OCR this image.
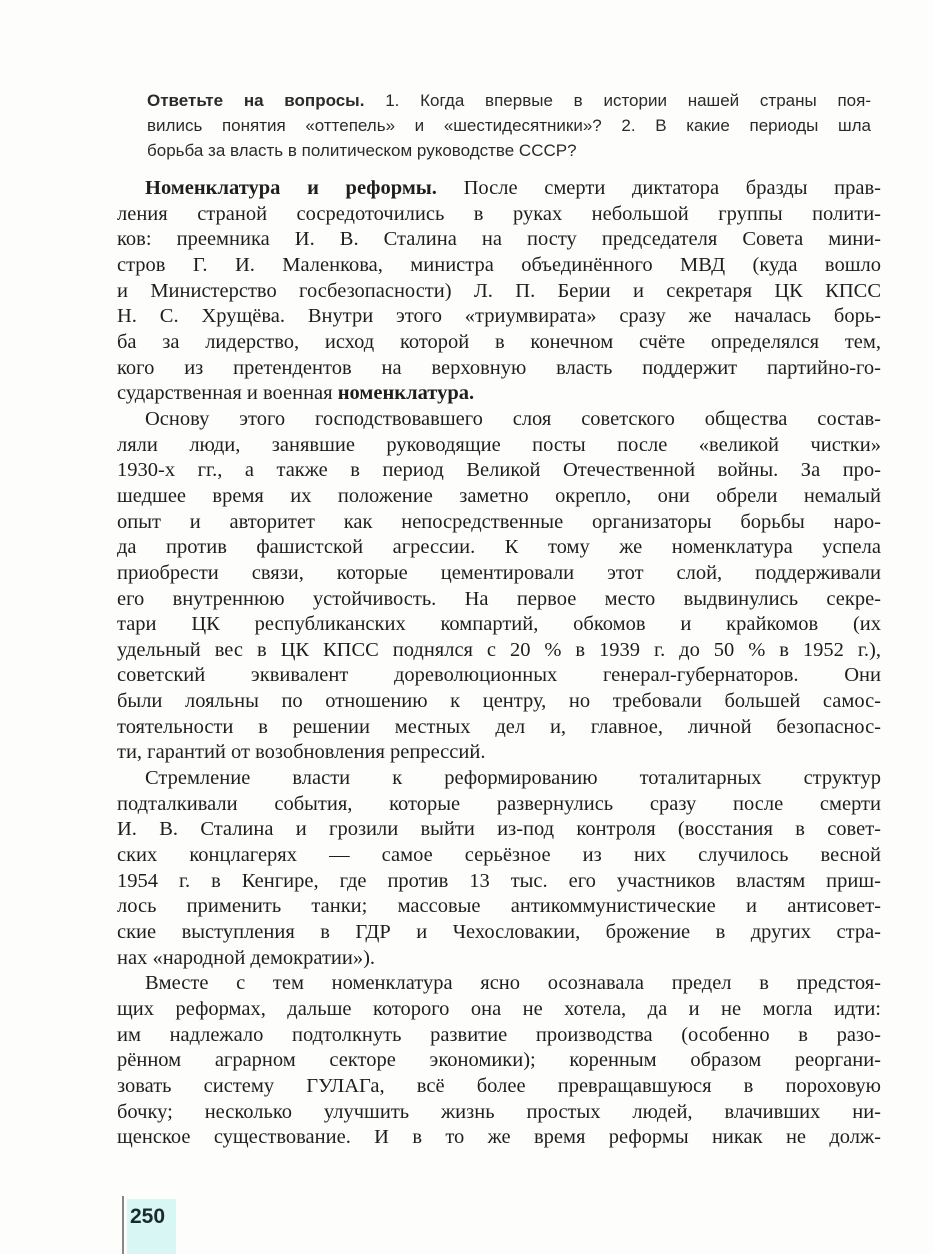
Ответьте на вопросы. 1. Когда впервые в истории нашей страны поя-
вились понятия «оттепель» и «шестидесятники»? 2. В какие периоды шла
борьба за власть в политическом руководстве СССР?
Номенклатура и реформы. После смерти диктатора бразды прав-
ления страной сосредоточились в руках небольшой группы полити-
ков: преемника И. В. Сталина на посту председателя Совета мини-
стров Г. И. Маленкова, министра объединённого МВД (куда вошло
и Министерство госбезопасности) Л. П. Берии и секретаря ЦК КПСС
Н. С. Хрущёва. Внутри этого «триумвирата» сразу же началась борь-
ба за лидерство, исход которой в конечном счёте определялся тем,
кого из претендентов на верховную власть поддержит партийно-го-
сударственная и военная номенклатура.
Основу этого господствовавшего слоя советского общества состав-
ляли люди, занявшие руководящие посты после «великой чистки»
1930-х гг., а также в период Великой Отечественной войны. За про-
шедшее время их положение заметно окрепло, они обрели немалый
опыт и авторитет как непосредственные организаторы борьбы наро-
да против фашистской агрессии. К тому же номенклатура успела
приобрести связи, которые цементировали этот слой, поддерживали
его внутреннюю устойчивость. На первое место выдвинулись секре-
тари ЦК республиканских компартий, обкомов и крайкомов (их
удельный вес в ЦК КПСС поднялся с 20 % в 1939 г. до 50 % в 1952 г.),
советский эквивалент дореволюционных генерал-губернаторов. Они
были лояльны по отношению к центру, но требовали большей самос-
тоятельности в решении местных дел и, главное, личной безопаснос-
ти, гарантий от возобновления репрессий.
Стремление власти к реформированию тоталитарных структур
подталкивали события, которые развернулись сразу после смерти
И. В. Сталина и грозили выйти из-под контроля (восстания в совет-
ских концлагерях — самое серьёзное из них случилось весной
1954 г. в Кенгире, где против 13 тыс. его участников властям приш-
лось применить танки; массовые антикоммунистические и антисовет-
ские выступления в ГДР и Чехословакии, брожение в других стра-
нах «народной демократии»).
Вместе с тем номенклатура ясно осознавала предел в предстоя-
щих реформах, дальше которого она не хотела, да и не могла идти:
им надлежало подтолкнуть развитие производства (особенно в разо-
рённом аграрном секторе экономики); коренным образом реоргани-
зовать систему ГУЛАГа, всё более превращавшуюся в пороховую
бочку; несколько улучшить жизнь простых людей, влачивших ни-
щенское существование. И в то же время реформы никак не долж-
250
